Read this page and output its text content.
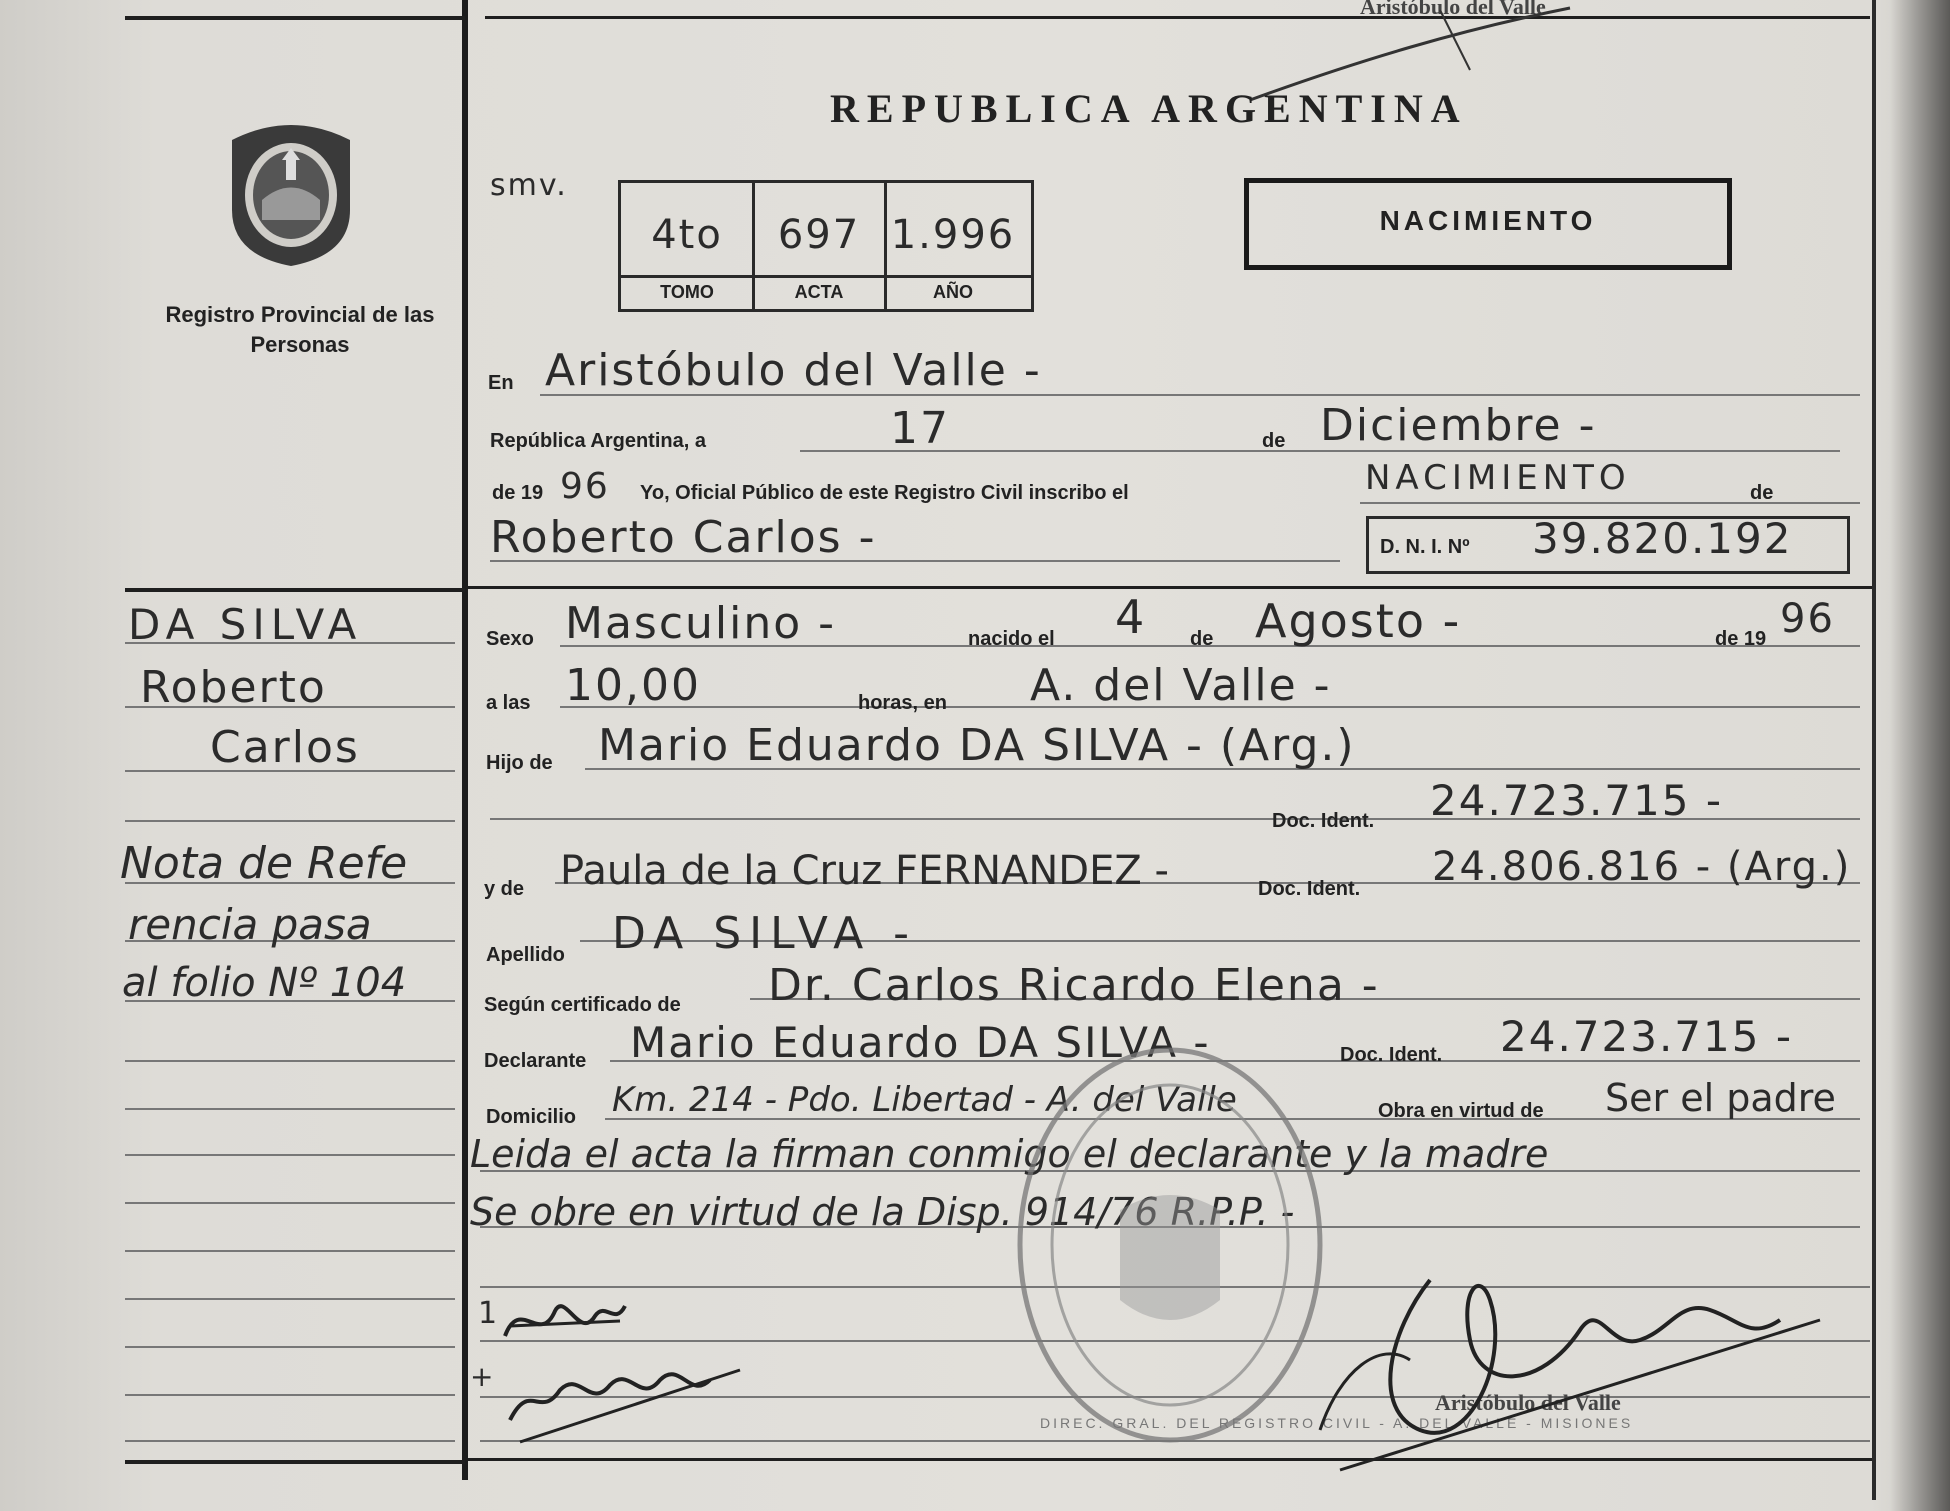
Aristóbulo del Valle
Registro Provincial de las Personas
smv.
REPUBLICA ARGENTINA
NACIMIENTO
4to	697 1.996
TOMO	ACTA	AÑO
DA SILVA
Roberto
Carlos
Nota de Refe
rencia pasa
al folio Nº 104
En Aristóbulo del Valle -
República Argentina, a	17	de Diciembre -
de 19 96 Yo, Oficial Público de este Registro Civil inscribo el	NACIMIENTO	de
Roberto Carlos -	D. N. I. Nº 39.820.192
Sexo Masculino -	nacido el 4 de Agosto -	de 19 96
a las 10,00	horas, en A. del Valle -
Hijo de Mario Eduardo DA SILVA - (Arg.)
Doc. Ident. 24.723.715 -
y de Paula de la Cruz FERNANDEZ -	Doc. Ident. 24.806.816 - (Arg.)
Apellido DA SILVA -
Según certificado de Dr. Carlos Ricardo Elena -
Declarante Mario Eduardo DA SILVA -	Doc. Ident. 24.723.715 -
Domicilio Km. 214 - Pdo. Libertad - A. del Valle	Obra en virtud de Ser el padre
Leida el acta la firman conmigo el declarante y la madre
Se obre en virtud de la Disp. 914/76 R.P.P. -
DIREC. GRAL. DEL REGISTRO CIVIL - A. DEL VALLE - MISIONES
Aristóbulo del Valle
1
+
